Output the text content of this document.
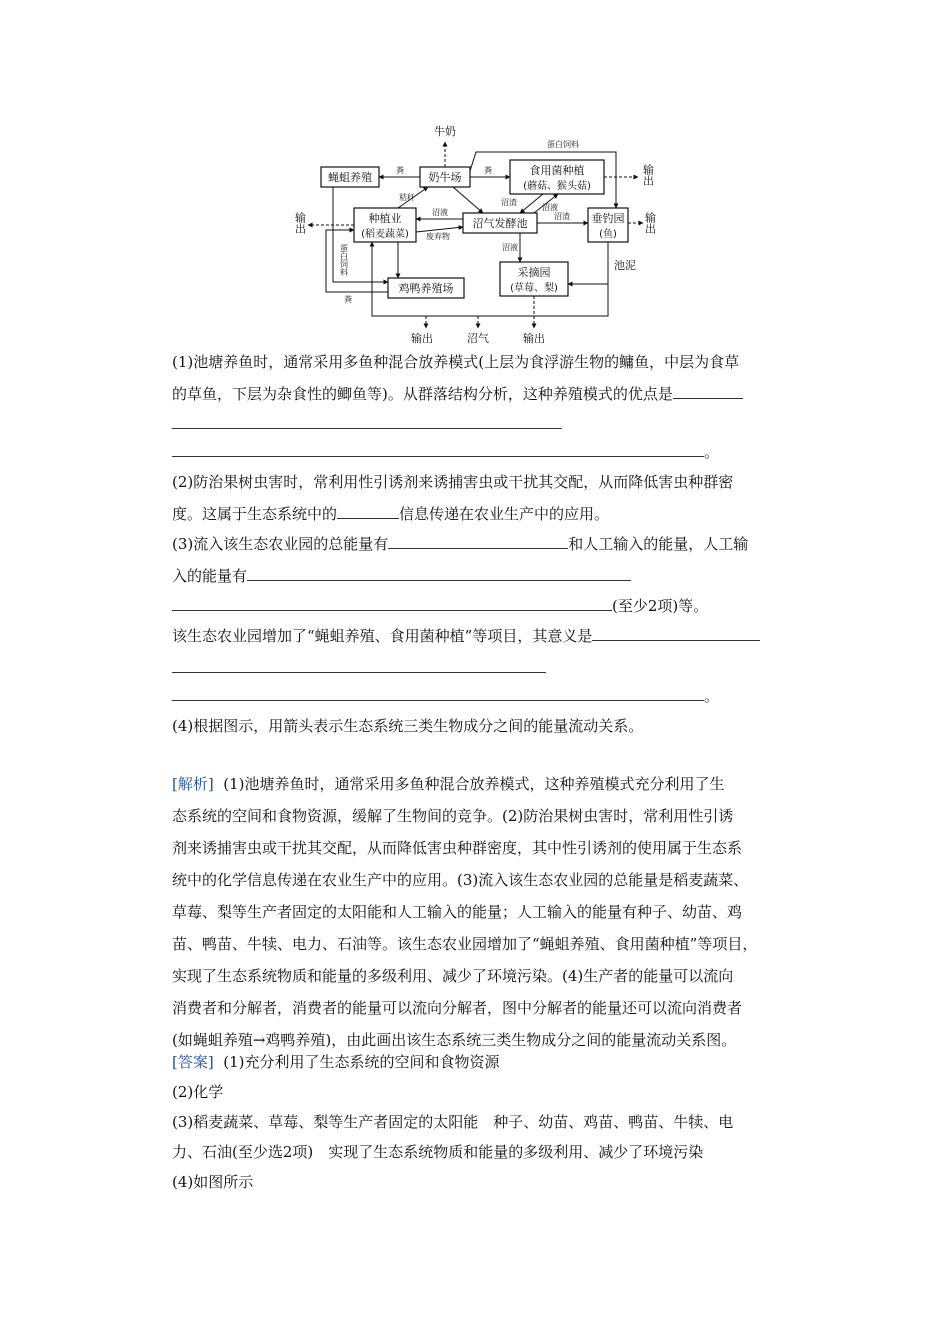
蝇蛆养殖	奶牛场
食用菌种植
(蘑菇、猴头菇)
种植业
(稻麦蔬菜)
沼气发酵池	垂钓园
(鱼)
采摘园
(草莓、梨)
鸡鸭养殖场
牛奶
蛋白饲料
粪	粪
秸秆
沼渣
沼液
沼液
废弃物
沼渣
沼液
蛋白饲料
粪
池泥
输出
输出
输出
输出	沼气	输出
(1)池塘养鱼时，通常采用多鱼种混合放养模式(上层为食浮游生物的鳙鱼，中层为食草
的草鱼，下层为杂食性的鲫鱼等)。从群落结构分析，这种养殖模式的优点是
。
(2)防治果树虫害时，常利用性引诱剂来诱捕害虫或干扰其交配，从而降低害虫种群密
度。这属于生态系统中的	信息传递在农业生产中的应用。
(3)流入该生态农业园的总能量有	和人工输入的能量，人工输
入的能量有
(至少2项)等。
该生态农业园增加了“蝇蛆养殖、食用菌种植”等项目，其意义是
。
(4)根据图示，用箭头表示生态系统三类生物成分之间的能量流动关系。
[解析] (1)池塘养鱼时，通常采用多鱼种混合放养模式，这种养殖模式充分利用了生
态系统的空间和食物资源，缓解了生物间的竞争。(2)防治果树虫害时，常利用性引诱
剂来诱捕害虫或干扰其交配，从而降低害虫种群密度，其中性引诱剂的使用属于生态系
统中的化学信息传递在农业生产中的应用。(3)流入该生态农业园的总能量是稻麦蔬菜、
草莓、梨等生产者固定的太阳能和人工输入的能量；人工输入的能量有种子、幼苗、鸡
苗、鸭苗、牛犊、电力、石油等。该生态农业园增加了“蝇蛆养殖、食用菌种植”等项目，
实现了生态系统物质和能量的多级利用、减少了环境污染。(4)生产者的能量可以流向
消费者和分解者，消费者的能量可以流向分解者，图中分解者的能量还可以流向消费者
(如蝇蛆养殖→鸡鸭养殖)，由此画出该生态系统三类生物成分之间的能量流动关系图。
[答案] (1)充分利用了生态系统的空间和食物资源
(2)化学
(3)稻麦蔬菜、草莓、梨等生产者固定的太阳能　种子、幼苗、鸡苗、鸭苗、牛犊、电
力、石油(至少选2项)　实现了生态系统物质和能量的多级利用、减少了环境污染
(4)如图所示
